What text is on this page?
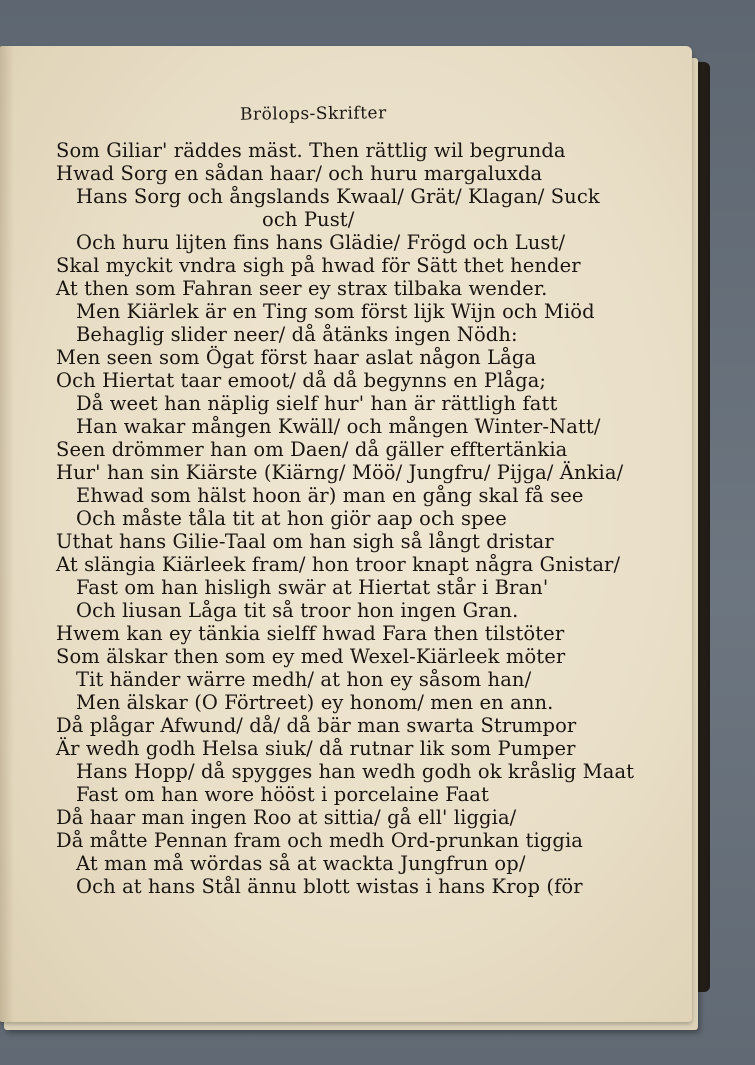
Brölops-Skrifter
Som Giliar' räddes mäst. Then rättlig wil begrunda
Hwad Sorg en sådan haar/ och huru margaluxda
Hans Sorg och ångslands Kwaal/ Grät/ Klagan/ Suck
och Pust/
Och huru lijten fins hans Glädie/ Frögd och Lust/
Skal myckit vndra sigh på hwad för Sätt thet hender
At then som Fahran seer ey strax tilbaka wender.
Men Kiärlek är en Ting som först lijk Wijn och Miöd
Behaglig slider neer/ då åtänks ingen Nödh:
Men seen som Ögat först haar aslat någon Låga
Och Hiertat taar emoot/ då då begynns en Plåga;
Då weet han näplig sielf hur' han är rättligh fatt
Han wakar mången Kwäll/ och mången Winter-Natt/
Seen drömmer han om Daen/ då gäller efftertänkia
Hur' han sin Kiärste (Kiärng/ Möö/ Jungfru/ Pijga/ Änkia/
Ehwad som hälst hoon är) man en gång skal få see
Och måste tåla tit at hon giör aap och spee
Uthat hans Gilie-Taal om han sigh så långt dristar
At slängia Kiärleek fram/ hon troor knapt några Gnistar/
Fast om han hisligh swär at Hiertat står i Bran'
Och liusan Låga tit så troor hon ingen Gran.
Hwem kan ey tänkia sielff hwad Fara then tilstöter
Som älskar then som ey med Wexel-Kiärleek möter
Tit händer wärre medh/ at hon ey såsom han/
Men älskar (O Förtreet) ey honom/ men en ann.
Då plågar Afwund/ då/ då bär man swarta Strumpor
Är wedh godh Helsa siuk/ då rutnar lik som Pumper
Hans Hopp/ då spygges han wedh godh ok kråslig Maat
Fast om han wore hööst i porcelaine Faat
Då haar man ingen Roo at sittia/ gå ell' liggia/
Då måtte Pennan fram och medh Ord-prunkan tiggia
At man må wördas så at wackta Jungfrun op/
Och at hans Stål ännu blott wistas i hans Krop (för
